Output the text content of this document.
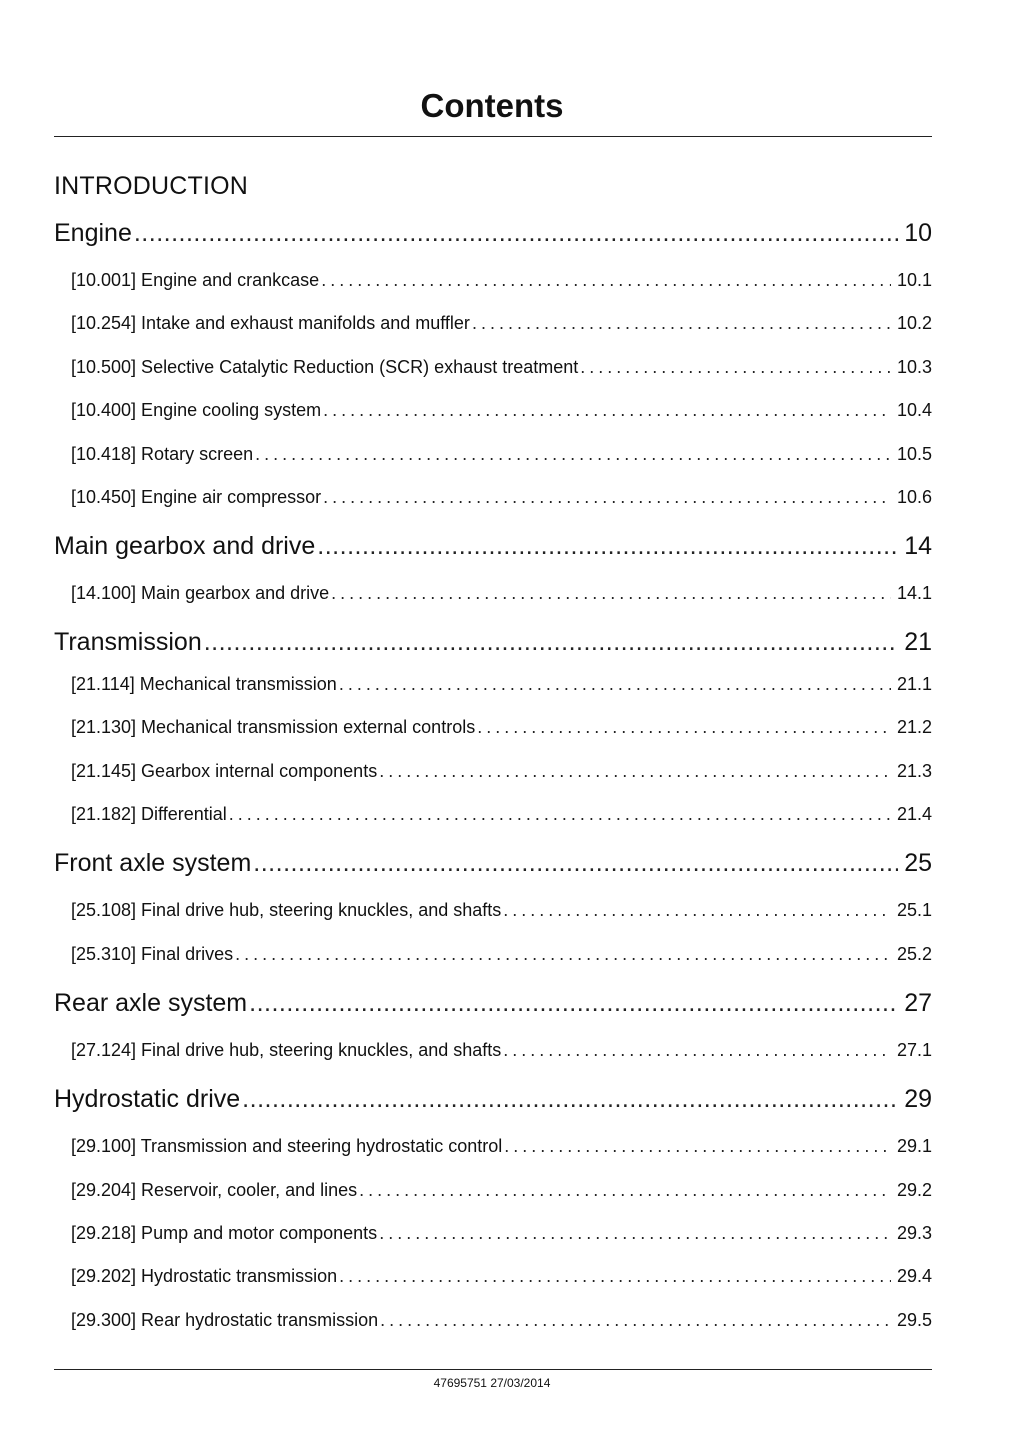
Contents
INTRODUCTION
Engine .....	10
[10.001] Engine and crankcase . . .	10.1
[10.254] Intake and exhaust manifolds and muffler . . .	10.2
[10.500] Selective Catalytic Reduction (SCR) exhaust treatment . . .	10.3
[10.400] Engine cooling system . . .	10.4
[10.418] Rotary screen . . .	10.5
[10.450] Engine air compressor . . .	10.6
Main gearbox and drive .....	14
[14.100] Main gearbox and drive . . .	14.1
Transmission .....	21
[21.114] Mechanical transmission . . .	21.1
[21.130] Mechanical transmission external controls . . .	21.2
[21.145] Gearbox internal components . . .	21.3
[21.182] Differential . . .	21.4
Front axle system .....	25
[25.108] Final drive hub, steering knuckles, and shafts . . .	25.1
[25.310] Final drives . . .	25.2
Rear axle system .....	27
[27.124] Final drive hub, steering knuckles, and shafts . . .	27.1
Hydrostatic drive .....	29
[29.100] Transmission and steering hydrostatic control . . .	29.1
[29.204] Reservoir, cooler, and lines . . .	29.2
[29.218] Pump and motor components . . .	29.3
[29.202] Hydrostatic transmission . . .	29.4
[29.300] Rear hydrostatic transmission . . .	29.5
47695751 27/03/2014
